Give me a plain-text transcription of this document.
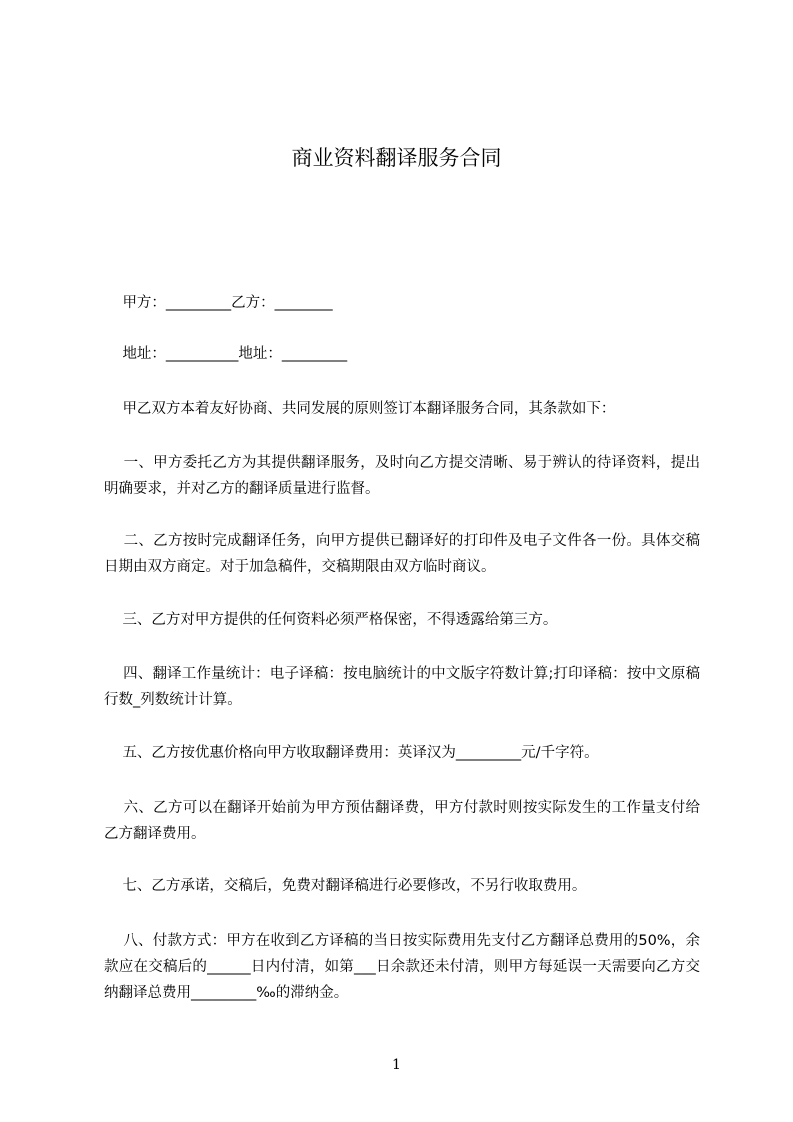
商业资料翻译服务合同

甲方：_________乙方：________

地址：__________地址：_________

甲乙双方本着友好协商、共同发展的原则签订本翻译服务合同，其条款如下：

一、甲方委托乙方为其提供翻译服务，及时向乙方提交清晰、易于辨认的待译资料，提出明确要求，并对乙方的翻译质量进行监督。

二、乙方按时完成翻译任务，向甲方提供已翻译好的打印件及电子文件各一份。具体交稿日期由双方商定。对于加急稿件，交稿期限由双方临时商议。

三、乙方对甲方提供的任何资料必须严格保密，不得透露给第三方。

四、翻译工作量统计：电子译稿：按电脑统计的中文版字符数计算;打印译稿：按中文原稿行数_列数统计计算。

五、乙方按优惠价格向甲方收取翻译费用：英译汉为_________元/千字符。

六、乙方可以在翻译开始前为甲方预估翻译费，甲方付款时则按实际发生的工作量支付给乙方翻译费用。

七、乙方承诺，交稿后，免费对翻译稿进行必要修改，不另行收取费用。

八、付款方式：甲方在收到乙方译稿的当日按实际费用先支付乙方翻译总费用的50%，余款应在交稿后的______日内付清，如第___日余款还未付清，则甲方每延误一天需要向乙方交纳翻译总费用_________‰的滞纳金。

1
